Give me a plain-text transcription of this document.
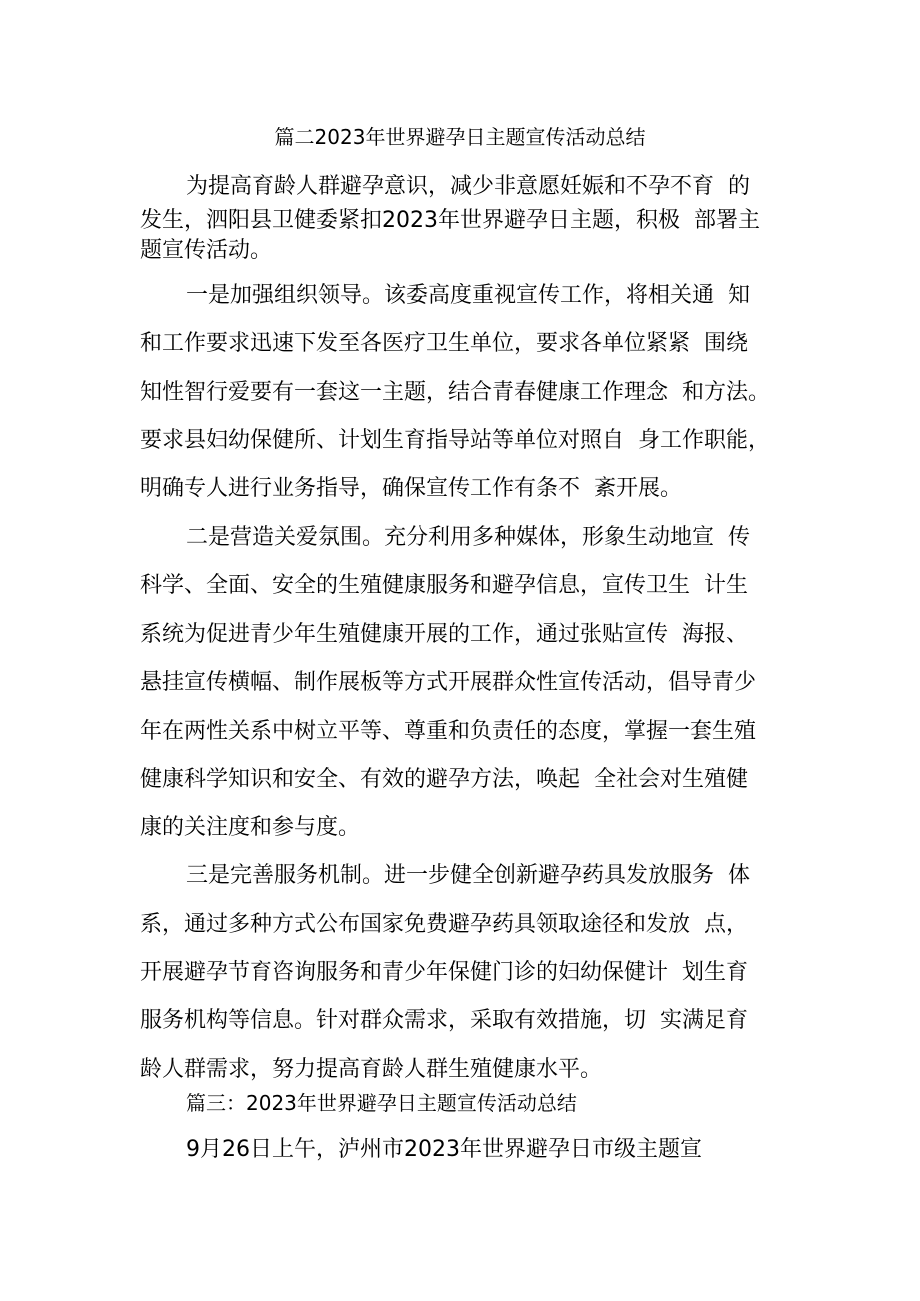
篇二2023年世界避孕日主题宣传活动总结
为提高育龄人群避孕意识，减少非意愿妊娠和不孕不育  的
发生，泗阳县卫健委紧扣2023年世界避孕日主题，积极  部署主
题宣传活动。
一是加强组织领导。该委高度重视宣传工作，将相关通  知
和工作要求迅速下发至各医疗卫生单位，要求各单位紧紧  围绕
知性智行爱要有一套这一主题，结合青春健康工作理念  和方法。
要求县妇幼保健所、计划生育指导站等单位对照自  身工作职能，
明确专人进行业务指导，确保宣传工作有条不  紊开展。
二是营造关爱氛围。充分利用多种媒体，形象生动地宣  传
科学、全面、安全的生殖健康服务和避孕信息，宣传卫生  计生
系统为促进青少年生殖健康开展的工作，通过张贴宣传  海报、
悬挂宣传横幅、制作展板等方式开展群众性宣传活动，倡导青少
年在两性关系中树立平等、尊重和负责任的态度，掌握一套生殖
健康科学知识和安全、有效的避孕方法，唤起  全社会对生殖健
康的关注度和参与度。
三是完善服务机制。进一步健全创新避孕药具发放服务  体
系，通过多种方式公布国家免费避孕药具领取途径和发放  点，
开展避孕节育咨询服务和青少年保健门诊的妇幼保健计  划生育
服务机构等信息。针对群众需求，采取有效措施，切  实满足育
龄人群需求，努力提高育龄人群生殖健康水平。
篇三：2023年世界避孕日主题宣传活动总结
9月26日上午，泸州市2023年世界避孕日市级主题宣
